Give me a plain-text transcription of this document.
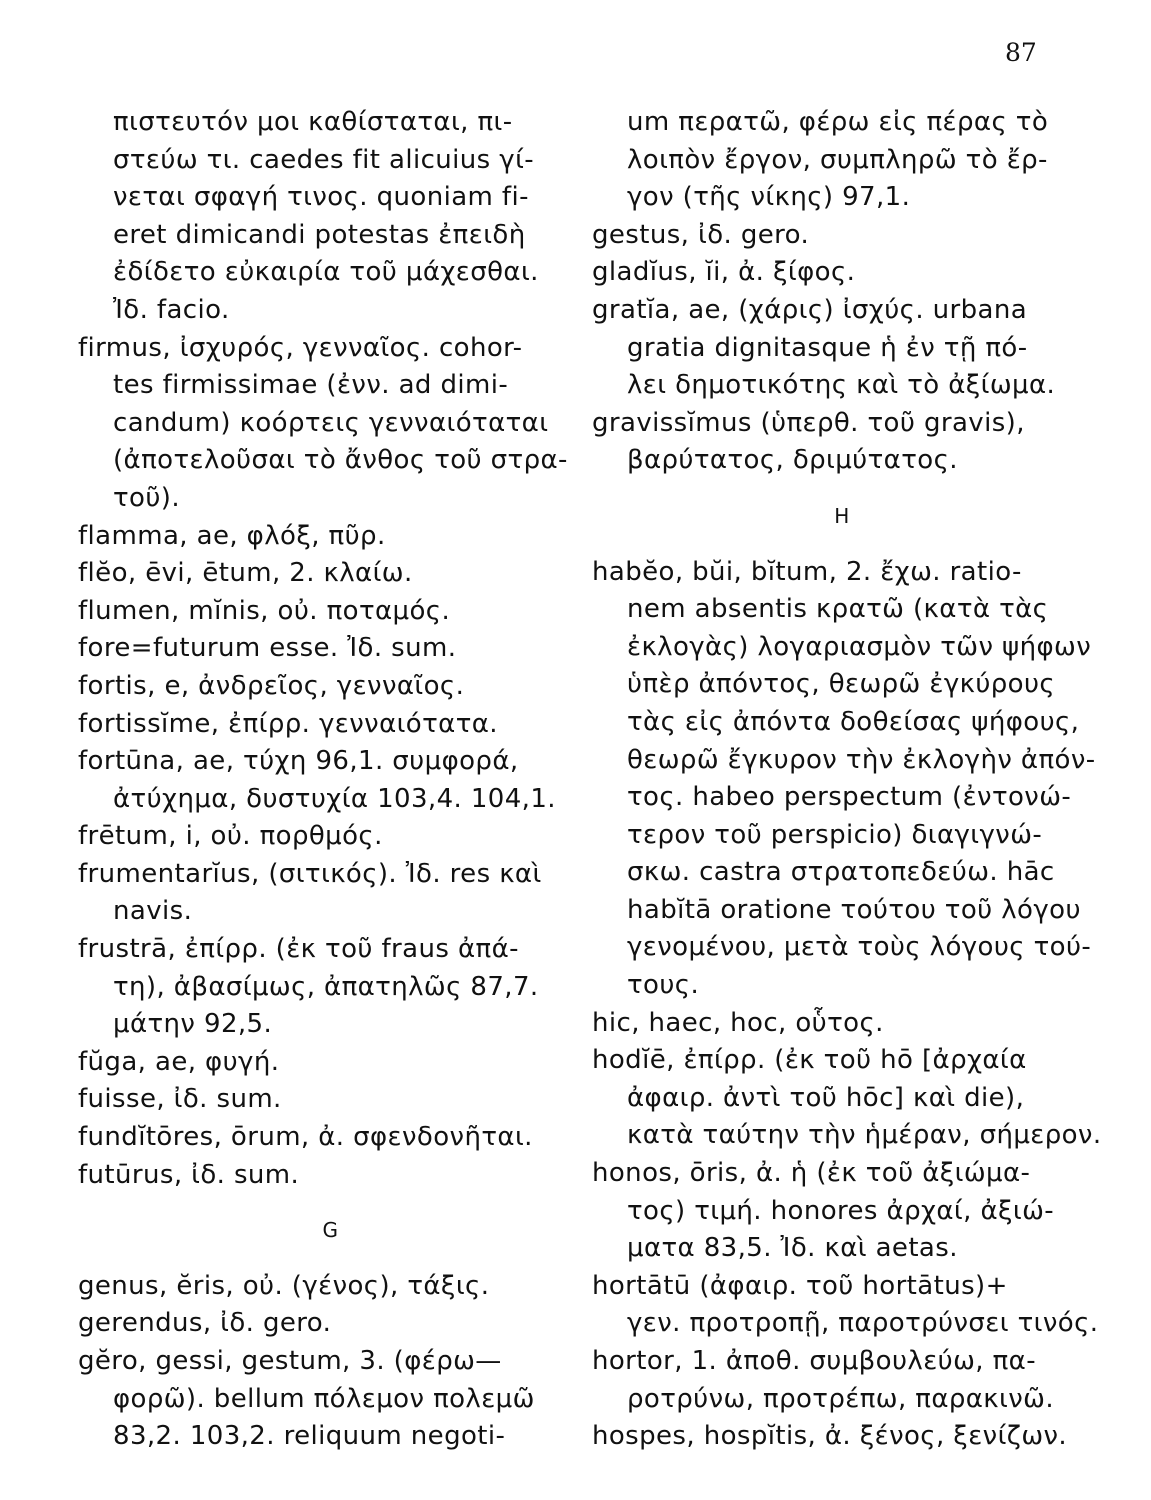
87
πιστευτόν μοι καθίσταται, πι-
στεύω τι. caedes fit alicuius γί-
νεται σφαγή τινος. quoniam fi-
eret dimicandi potestas ἐπειδὴ
ἐδίδετο εὐκαιρία τοῦ μάχεσθαι.
Ἰδ. facio.
firmus, ἰσχυρός, γενναῖος. cohor-
tes firmissimae (ἐνν. ad dimi-
candum) κοόρτεις γενναιόταται
(ἀποτελοῦσαι τὸ ἄνθος τοῦ στρα-
τοῦ).
flamma, ae, φλόξ, πῦρ.
flĕo, ēvi, ētum, 2. κλαίω.
flumen, mĭnis, οὐ. ποταμός.
fore=futurum esse. Ἰδ. sum.
fortis, e, ἀνδρεῖος, γενναῖος.
fortissĭme, ἐπίρρ. γενναιότατα.
fortūna, ae, τύχη 96,1. συμφορά,
ἀτύχημα, δυστυχία 103,4. 104,1.
frētum, i, οὐ. πορθμός.
frumentarĭus, (σιτικός). Ἰδ. res καὶ
navis.
frustrā, ἐπίρρ. (ἐκ τοῦ fraus ἀπά-
τη), ἀβασίμως, ἀπατηλῶς 87,7.
μάτην 92,5.
fŭga, ae, φυγή.
fuisse, ἰδ. sum.
fundĭtōres, ōrum, ἀ. σφενδονῆται.
futūrus, ἰδ. sum.
G
genus, ĕris, οὐ. (γένος), τάξις.
gerendus, ἰδ. gero.
gĕro, gessi, gestum, 3. (φέρω—
φορῶ). bellum πόλεμον πολεμῶ
83,2. 103,2. reliquum negoti-
um περατῶ, φέρω εἰς πέρας τὸ
λοιπὸν ἔργον, συμπληρῶ τὸ ἔρ-
γον (τῆς νίκης) 97,1.
gestus, ἰδ. gero.
gladĭus, ĭi, ἀ. ξίφος.
gratĭa, ae, (χάρις) ἰσχύς. urbana
gratia dignitasque ἡ ἐν τῇ πό-
λει δημοτικότης καὶ τὸ ἀξίωμα.
gravissĭmus (ὑπερθ. τοῦ gravis),
βαρύτατος, δριμύτατος.
H
habĕo, bŭi, bĭtum, 2. ἔχω. ratio-
nem absentis κρατῶ (κατὰ τὰς
ἐκλογὰς) λογαριασμὸν τῶν ψήφων
ὑπὲρ ἀπόντος, θεωρῶ ἐγκύρους
τὰς εἰς ἀπόντα δοθείσας ψήφους,
θεωρῶ ἔγκυρον τὴν ἐκλογὴν ἀπόν-
τος. habeo perspectum (ἐντονώ-
τερον τοῦ perspicio) διαγιγνώ-
σκω. castra στρατοπεδεύω. hāc
habĭtā oratione τούτου τοῦ λόγου
γενομένου, μετὰ τοὺς λόγους τού-
τους.
hic, haec, hoc, οὗτος.
hodĭē, ἐπίρρ. (ἐκ τοῦ hō [ἀρχαία
ἀφαιρ. ἀντὶ τοῦ hōc] καὶ die),
κατὰ ταύτην τὴν ἡμέραν, σήμερον.
honos, ōris, ἀ. ἡ (ἐκ τοῦ ἀξιώμα-
τος) τιμή. honores ἀρχαί, ἀξιώ-
ματα 83,5. Ἰδ. καὶ aetas.
hortātū (ἀφαιρ. τοῦ hortātus)+
γεν. προτροπῇ, παροτρύνσει τινός.
hortor, 1. ἀποθ. συμβουλεύω, πα-
ροτρύνω, προτρέπω, παρακινῶ.
hospes, hospĭtis, ἀ. ξένος, ξενίζων.
